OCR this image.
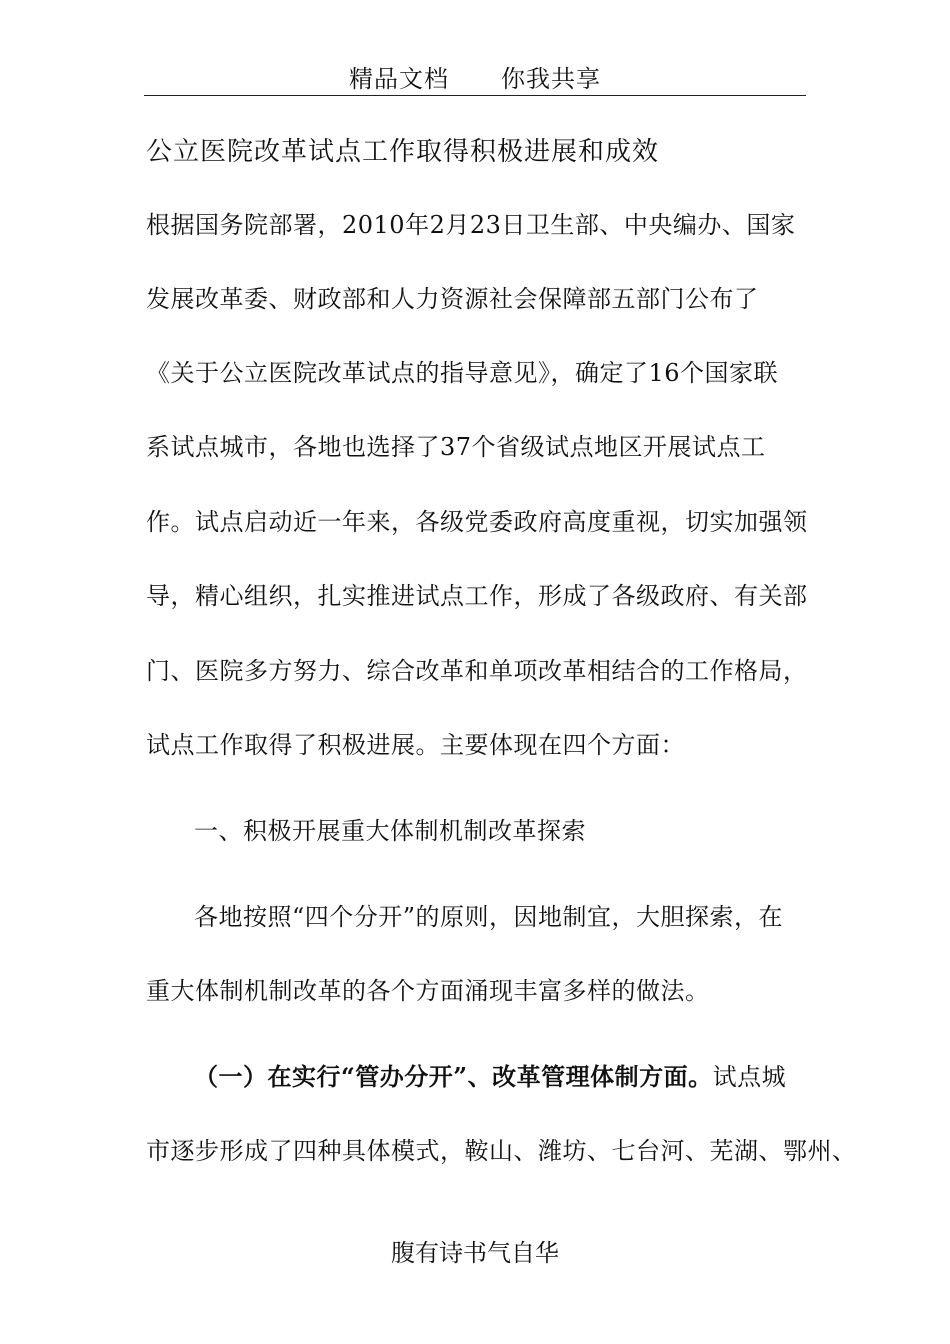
精品文档 你我共享
公立医院改革试点工作取得积极进展和成效
根据国务院部署，2010年2月23日卫生部、中央编办、国家
发展改革委、财政部和人力资源社会保障部五部门公布了
《关于公立医院改革试点的指导意见》，确定了16个国家联
系试点城市，各地也选择了37个省级试点地区开展试点工
作。试点启动近一年来，各级党委政府高度重视，切实加强领
导，精心组织，扎实推进试点工作，形成了各级政府、有关部
门、医院多方努力、综合改革和单项改革相结合的工作格局，
试点工作取得了积极进展。主要体现在四个方面：
一、积极开展重大体制机制改革探索
各地按照“四个分开”的原则，因地制宜，大胆探索，在
重大体制机制改革的各个方面涌现丰富多样的做法。
（一）在实行“管办分开”、改革管理体制方面。试点城
市逐步形成了四种具体模式，鞍山、潍坊、七台河、芜湖、鄂州、
腹有诗书气自华
